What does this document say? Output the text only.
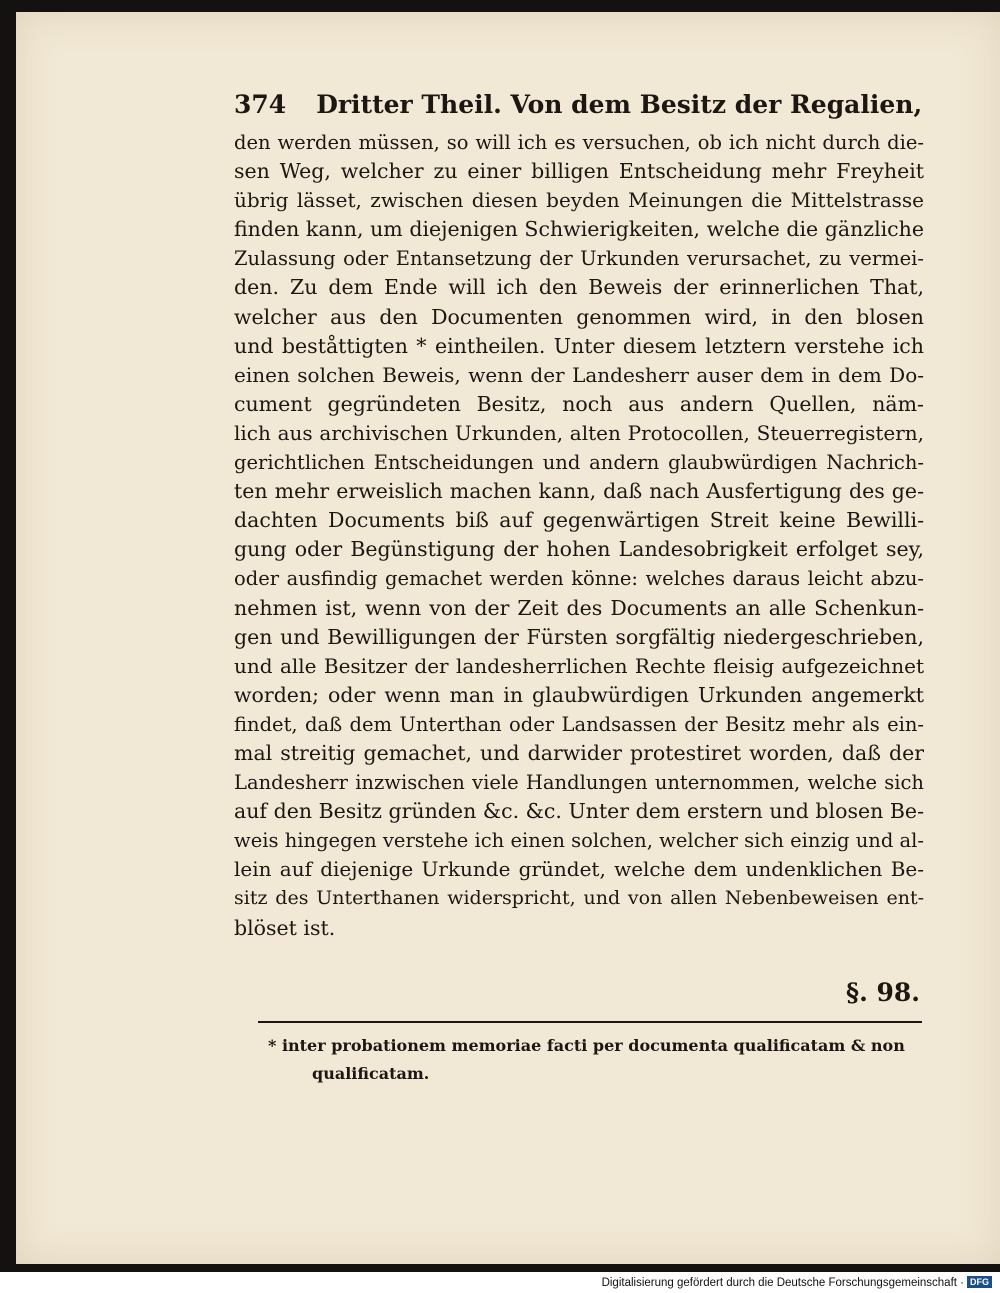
374 Dritter Theil. Von dem Besitz der Regalien,
den werden müssen, so will ich es versuchen, ob ich nicht durch die-
sen Weg, welcher zu einer billigen Entscheidung mehr Freyheit
übrig lässet, zwischen diesen beyden Meinungen die Mittelstrasse
finden kann, um diejenigen Schwierigkeiten, welche die gänzliche
Zulassung oder Entansetzung der Urkunden verursachet, zu vermei-
den. Zu dem Ende will ich den Beweis der erinnerlichen That,
welcher aus den Documenten genommen wird, in den blosen
und beståttigten * eintheilen. Unter diesem letztern verstehe ich
einen solchen Beweis, wenn der Landesherr auser dem in dem Do-
cument gegründeten Besitz, noch aus andern Quellen, näm-
lich aus archivischen Urkunden, alten Protocollen, Steuerregistern,
gerichtlichen Entscheidungen und andern glaubwürdigen Nachrich-
ten mehr erweislich machen kann, daß nach Ausfertigung des ge-
dachten Documents biß auf gegenwärtigen Streit keine Bewilli-
gung oder Begünstigung der hohen Landesobrigkeit erfolget sey,
oder ausfindig gemachet werden könne: welches daraus leicht abzu-
nehmen ist, wenn von der Zeit des Documents an alle Schenkun-
gen und Bewilligungen der Fürsten sorgfältig niedergeschrieben,
und alle Besitzer der landesherrlichen Rechte fleisig aufgezeichnet
worden; oder wenn man in glaubwürdigen Urkunden angemerkt
findet, daß dem Unterthan oder Landsassen der Besitz mehr als ein-
mal streitig gemachet, und darwider protestiret worden, daß der
Landesherr inzwischen viele Handlungen unternommen, welche sich
auf den Besitz gründen &c. &c. Unter dem erstern und blosen Be-
weis hingegen verstehe ich einen solchen, welcher sich einzig und al-
lein auf diejenige Urkunde gründet, welche dem undenklichen Be-
sitz des Unterthanen widerspricht, und von allen Nebenbeweisen ent-
blöset ist.
§. 98.
* inter probationem memoriae facti per documenta qualificatam & non
qualificatam.
Digitalisierung gefördert durch die Deutsche Forschungsgemeinschaft · DFG
